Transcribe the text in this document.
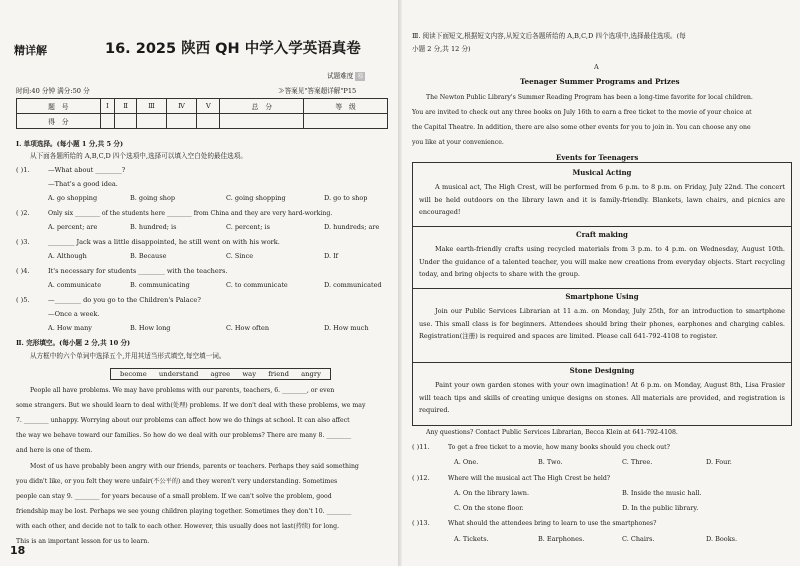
精详解	16. 2025 陕西 QH 中学入学英语真卷
试题难度 易
时间:40 分钟 满分:50 分	≫答案见"答案超详解"P15
题　号	Ⅰ	Ⅱ	Ⅲ	Ⅳ	Ⅴ	总　分	等　级
得　分							
Ⅰ. 单项选择。(每小题 1 分,共 5 分)
从下面各题所给的 A,B,C,D 四个选项中,选择可以填入空白处的最佳选项。
( )1.	—What about ________?
—That's a good idea.
A. go shopping	B. going shop	C. going shopping	D. go to shop
( )2.	Only six ________ of the students here ________ from China and they are very hard-working.
A. percent; are	B. hundred; is	C. percent; is	D. hundreds; are
( )3.	________ Jack was a little disappointed, he still went on with his work.
A. Although	B. Because	C. Since	D. If
( )4.	It's necessary for students ________ with the teachers.
A. communicate	B. communicating	C. to communicate	D. communicated
( )5.	—________ do you go to the Children's Palace?
—Once a week.
A. How many	B. How long	C. How often	D. How much
Ⅱ. 完形填空。(每小题 2 分,共 10 分)
从方框中的六个单词中选择五个,并用其适当形式填空,每空填一词。
become understand agree way friend angry
People all have problems. We may have problems with our parents, teachers, 6. ________, or even
some strangers. But we should learn to deal with(处理) problems. If we don't deal with these problems, we may
7. ________ unhappy. Worrying about our problems can affect how we do things at school. It can also affect
the way we behave toward our families. So how do we deal with our problems? There are many 8. ________
and here is one of them.
Most of us have probably been angry with our friends, parents or teachers. Perhaps they said something
you didn't like, or you felt they were unfair(不公平的) and they weren't very understanding. Sometimes
people can stay 9. ________ for years because of a small problem. If we can't solve the problem, good
friendship may be lost. Perhaps we see young children playing together. Sometimes they don't 10. ________
with each other, and decide not to talk to each other. However, this usually does not last(持续) for long.
This is an important lesson for us to learn.
18
Ⅲ. 阅读下面短文,根据短文内容,从短文后各题所给的 A,B,C,D 四个选项中,选择最佳选项。(每
小题 2 分,共 12 分)
A
Teenager Summer Programs and Prizes
The Newton Public Library's Summer Reading Program has been a long-time favorite for local children.
You are invited to check out any three books on July 16th to earn a free ticket to the movie of your choice at
the Capital Theatre. In addition, there are also some other events for you to join in. You can choose any one
you like at your convenience.
Events for Teenagers
Musical Acting
A musical act, The High Crest, will be performed from 6 p.m. to 8 p.m. on Friday, July 22nd. The concert will be held outdoors on the library lawn and it is family-friendly. Blankets, lawn chairs, and picnics are encouraged!
Craft making
Make earth-friendly crafts using recycled materials from 3 p.m. to 4 p.m. on Wednesday, August 10th. Under the guidance of a talented teacher, you will make new creations from everyday objects. Start recycling today, and bring objects to share with the group.
Smartphone Using
Join our Public Services Librarian at 11 a.m. on Monday, July 25th, for an introduction to smartphone use. This small class is for beginners. Attendees should bring their phones, earphones and charging cables. Registration(注册) is required and spaces are limited. Please call 641-792-4108 to register.
Stone Designing
Paint your own garden stones with your own imagination! At 6 p.m. on Monday, August 8th, Lisa Frasier will teach tips and skills of creating unique designs on stones. All materials are provided, and registration is required.
Any questions? Contact Public Services Librarian, Becca Klein at 641-792-4108.
( )11.	To get a free ticket to a movie, how many books should you check out?
A. One.	B. Two.	C. Three.	D. Four.
( )12.	Where will the musical act The High Crest be held?
A. On the library lawn.	B. Inside the music hall.
C. On the stone floor.	D. In the public library.
( )13.	What should the attendees bring to learn to use the smartphones?
A. Tickets.	B. Earphones.	C. Chairs.	D. Books.
